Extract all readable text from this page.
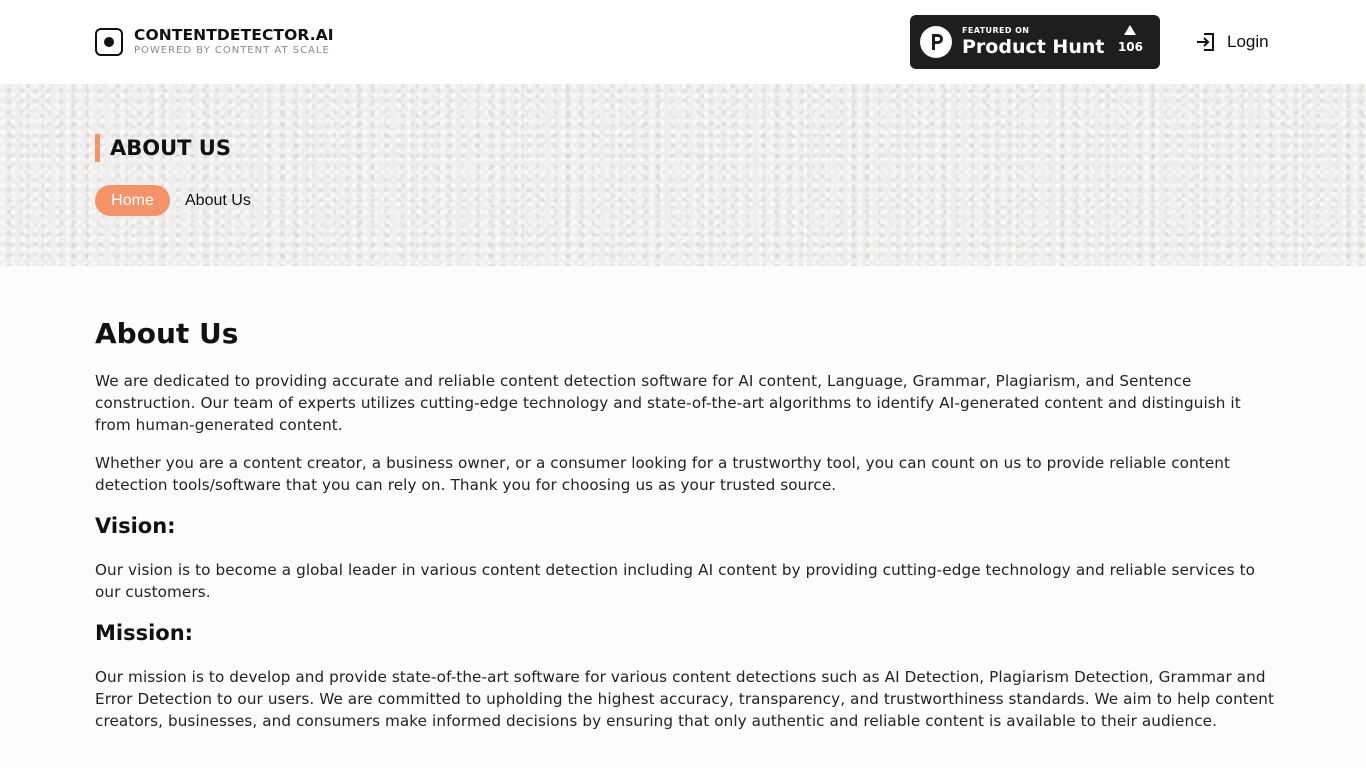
CONTENTDETECTOR.AI
POWERED BY CONTENT AT SCALE
FEATURED ON
Product Hunt 106	Login
ABOUT US
Home	About Us
About Us

We are dedicated to providing accurate and reliable content detection software for AI content, Language, Grammar, Plagiarism, and Sentence construction. Our team of experts utilizes cutting-edge technology and state-of-the-art algorithms to identify AI-generated content and distinguish it from human-generated content.

Whether you are a content creator, a business owner, or a consumer looking for a trustworthy tool, you can count on us to provide reliable content detection tools/software that you can rely on. Thank you for choosing us as your trusted source.

Vision:

Our vision is to become a global leader in various content detection including AI content by providing cutting-edge technology and reliable services to our customers.

Mission:

Our mission is to develop and provide state-of-the-art software for various content detections such as AI Detection, Plagiarism Detection, Grammar and Error Detection to our users. We are committed to upholding the highest accuracy, transparency, and trustworthiness standards. We aim to help content creators, businesses, and consumers make informed decisions by ensuring that only authentic and reliable content is available to their audience.
